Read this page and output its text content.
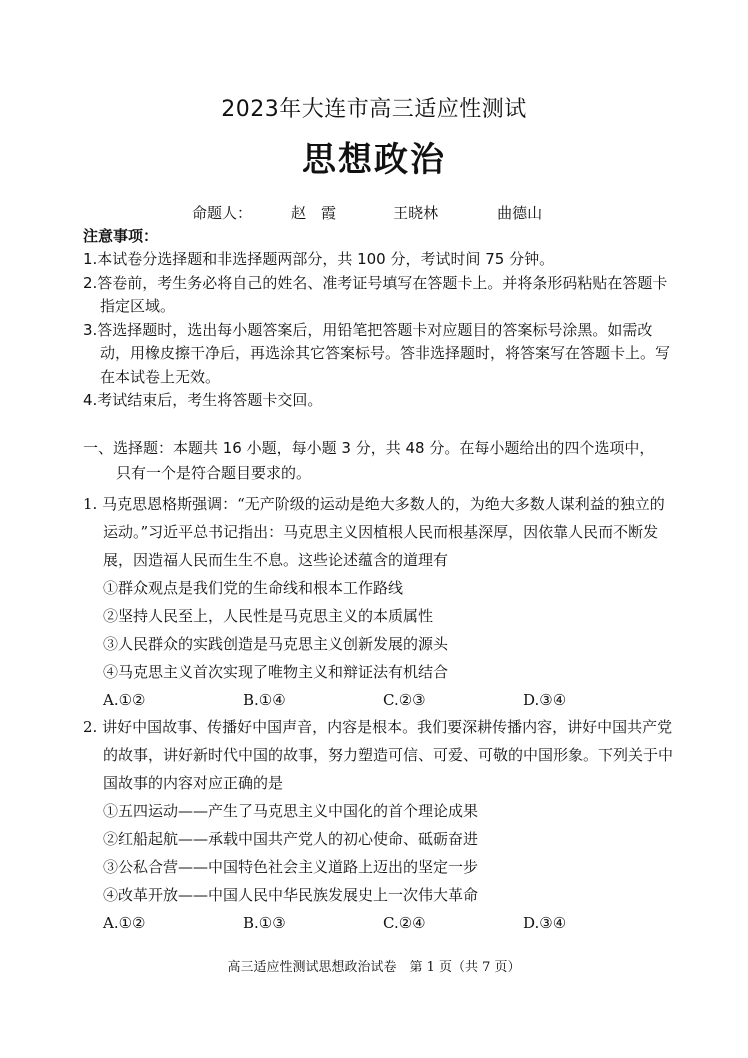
2023年大连市高三适应性测试
思想政治
命题人：	赵　霞	王晓林	曲德山
注意事项：

1.本试卷分选择题和非选择题两部分，共 100 分，考试时间 75 分钟。

2.答卷前，考生务必将自己的姓名、准考证号填写在答题卡上。并将条形码粘贴在答题卡指定区域。

3.答选择题时，选出每小题答案后，用铅笔把答题卡对应题目的答案标号涂黑。如需改动，用橡皮擦干净后，再选涂其它答案标号。答非选择题时，将答案写在答题卡上。写在本试卷上无效。

4.考试结束后，考生将答题卡交回。

一、选择题：本题共 16 小题，每小题 3 分，共 48 分。在每小题给出的四个选项中，
只有一个是符合题目要求的。

1. 马克思恩格斯强调：“无产阶级的运动是绝大多数人的，为绝大多数人谋利益的独立的运动。”习近平总书记指出：马克思主义因植根人民而根基深厚，因依靠人民而不断发展，因造福人民而生生不息。这些论述蕴含的道理有

①群众观点是我们党的生命线和根本工作路线

②坚持人民至上，人民性是马克思主义的本质属性

③人民群众的实践创造是马克思主义创新发展的源头

④马克思主义首次实现了唯物主义和辩证法有机结合

A.①②	B.①④	C.②③	D.③④

2. 讲好中国故事、传播好中国声音，内容是根本。我们要深耕传播内容，讲好中国共产党的故事，讲好新时代中国的故事，努力塑造可信、可爱、可敬的中国形象。下列关于中国故事的内容对应正确的是

①五四运动——产生了马克思主义中国化的首个理论成果

②红船起航——承载中国共产党人的初心使命、砥砺奋进

③公私合营——中国特色社会主义道路上迈出的坚定一步

④改革开放——中国人民中华民族发展史上一次伟大革命

A.①②	B.①③	C.②④	D.③④
高三适应性测试思想政治试卷　第 1 页（共 7 页）
